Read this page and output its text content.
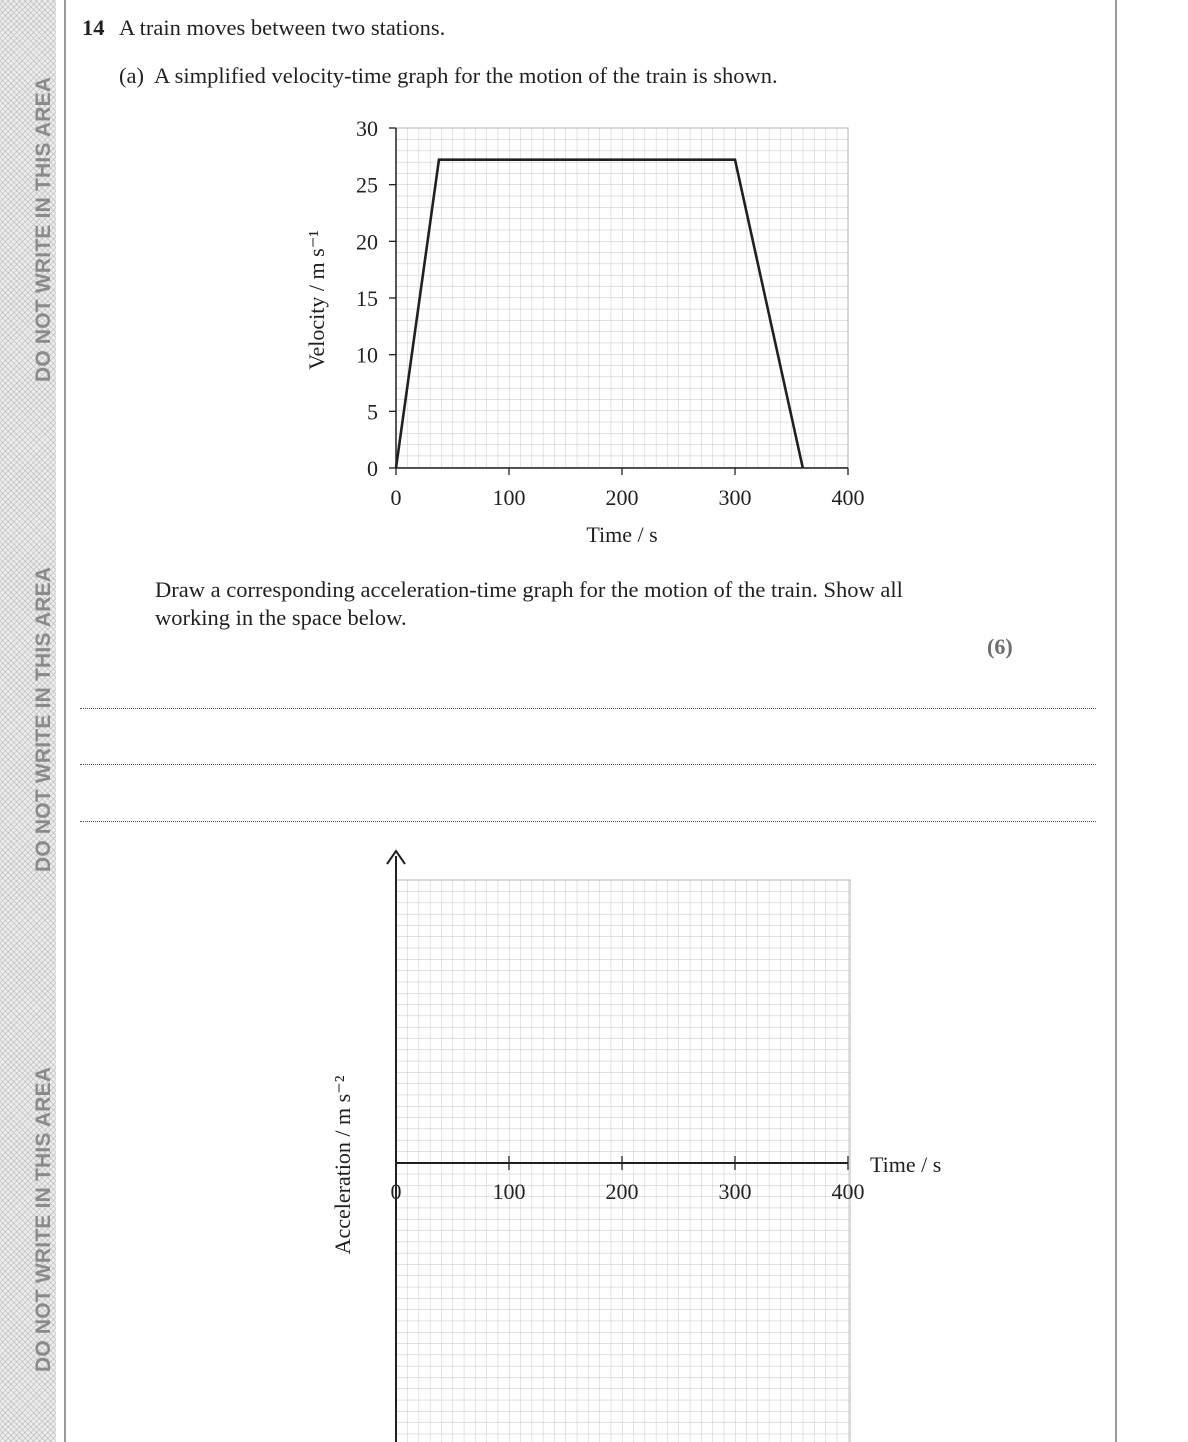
DO NOT WRITE IN THIS AREA
DO NOT WRITE IN THIS AREA
DO NOT WRITE IN THIS AREA
14 A train moves between two stations.
(a) A simplified velocity-time graph for the motion of the train is shown.
0
5
10
15
20
25
30
0	100	200	300	400
Time / s
Velocity / m s⁻¹
Draw a corresponding acceleration-time graph for the motion of the train. Show all
working in the space below.
(6)
0	100	200	300	400
Time / s
Acceleration / m s⁻²
